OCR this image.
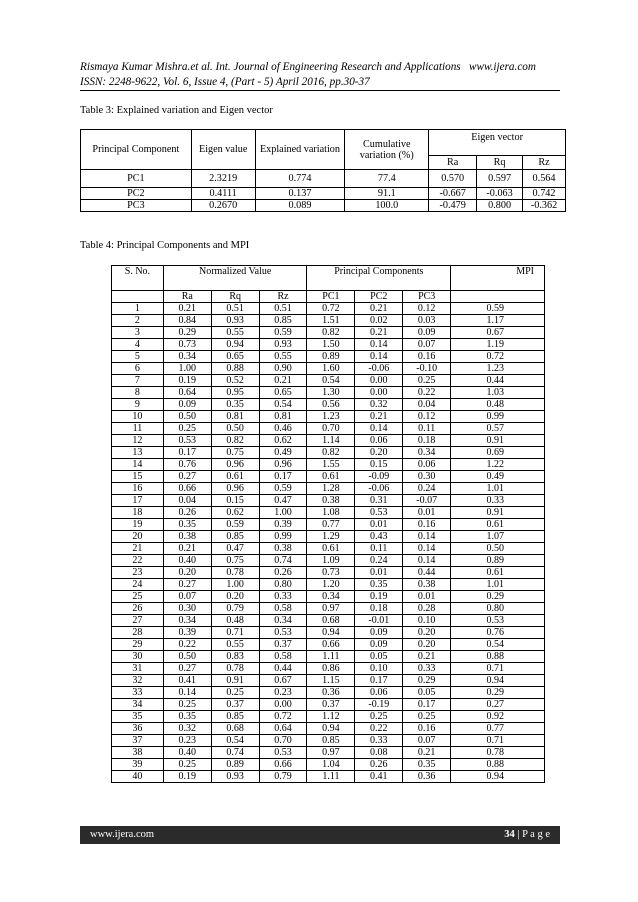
Rismaya Kumar Mishra.et al. Int. Journal of Engineering Research and Applications www.ijera.com
ISSN: 2248-9622, Vol. 6, Issue 4, (Part - 5) April 2016, pp.30-37
Table 3: Explained variation and Eigen vector
Principal Component	Eigen value	Explained variation	Cumulative variation (%)	Eigen vector		
				Ra	Rq	Rz
PC1	2.3219	0.774	77.4	0.570	0.597	0.564
PC2	0.4111	0.137	91.1	-0.667	-0.063	0.742
PC3	0.2670	0.089	100.0	-0.479	0.800	-0.362
Table 4: Principal Components and MPI
S. No.	Normalized Value			Principal Components			MPI
	Ra	Rq	Rz	PC1	PC2	PC3	
1	0.21	0.51	0.51	0.72	0.21	0.12	0.59
2	0.84	0.93	0.85	1.51	0.02	0.03	1.17
3	0.29	0.55	0.59	0.82	0.21	0.09	0.67
4	0.73	0.94	0.93	1.50	0.14	0.07	1.19
5	0.34	0.65	0.55	0.89	0.14	0.16	0.72
6	1.00	0.88	0.90	1.60	-0.06	-0.10	1.23
7	0.19	0.52	0.21	0.54	0.00	0.25	0.44
8	0.64	0.95	0.65	1.30	0.00	0.22	1.03
9	0.09	0.35	0.54	0.56	0.32	0.04	0.48
10	0.50	0.81	0.81	1.23	0.21	0.12	0.99
11	0.25	0.50	0.46	0.70	0.14	0.11	0.57
12	0.53	0.82	0.62	1.14	0.06	0.18	0.91
13	0.17	0.75	0.49	0.82	0.20	0.34	0.69
14	0.76	0.96	0.96	1.55	0.15	0.06	1.22
15	0.27	0.61	0.17	0.61	-0.09	0.30	0.49
16	0.66	0.96	0.59	1.28	-0.06	0.24	1.01
17	0.04	0.15	0.47	0.38	0.31	-0.07	0.33
18	0.26	0.62	1.00	1.08	0.53	0.01	0.91
19	0.35	0.59	0.39	0.77	0.01	0.16	0.61
20	0.38	0.85	0.99	1.29	0.43	0.14	1.07
21	0.21	0.47	0.38	0.61	0.11	0.14	0.50
22	0.40	0.75	0.74	1.09	0.24	0.14	0.89
23	0.20	0.78	0.26	0.73	0.01	0.44	0.61
24	0.27	1.00	0.80	1.20	0.35	0.38	1.01
25	0.07	0.20	0.33	0.34	0.19	0.01	0.29
26	0.30	0.79	0.58	0.97	0.18	0.28	0.80
27	0.34	0.48	0.34	0.68	-0.01	0.10	0.53
28	0.39	0.71	0.53	0.94	0.09	0.20	0.76
29	0.22	0.55	0.37	0.66	0.09	0.20	0.54
30	0.50	0.83	0.58	1.11	0.05	0.21	0.88
31	0.27	0.78	0.44	0.86	0.10	0.33	0.71
32	0.41	0.91	0.67	1.15	0.17	0.29	0.94
33	0.14	0.25	0.23	0.36	0.06	0.05	0.29
34	0.25	0.37	0.00	0.37	-0.19	0.17	0.27
35	0.35	0.85	0.72	1.12	0.25	0.25	0.92
36	0.32	0.68	0.64	0.94	0.22	0.16	0.77
37	0.23	0.54	0.70	0.85	0.33	0.07	0.71
38	0.40	0.74	0.53	0.97	0.08	0.21	0.78
39	0.25	0.89	0.66	1.04	0.26	0.35	0.88
40	0.19	0.93	0.79	1.11	0.41	0.36	0.94
www.ijera.com	34 | P a g e
